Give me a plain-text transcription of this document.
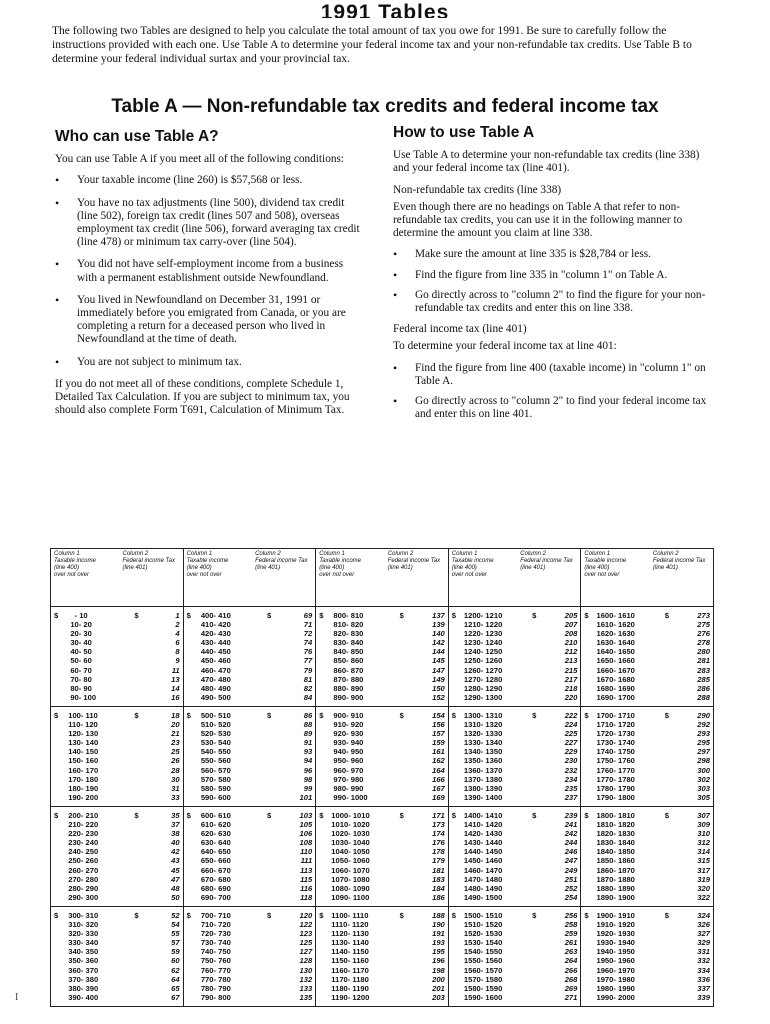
1991 Tables
The following two Tables are designed to help you calculate the total amount of tax you owe for 1991. Be sure to carefully follow the instructions provided with each one. Use Table A to determine your federal income tax and your non-refundable tax credits. Use Table B to determine your federal individual surtax and your provincial tax.
Table A — Non-refundable tax credits and federal income tax
Who can use Table A?

You can use Table A if you meet all of the following conditions:

• Your taxable income (line 260) is $57,568 or less.
• You have no tax adjustments (line 500), dividend tax credit (line 502), foreign tax credit (lines 507 and 508), overseas employment tax credit (line 506), forward averaging tax credit (line 478) or minimum tax carry-over (line 504).
• You did not have self-employment income from a business with a permanent establishment outside Newfoundland.
• You lived in Newfoundland on December 31, 1991 or immediately before you emigrated from Canada, or you are completing a return for a deceased person who lived in Newfoundland at the time of death.
• You are not subject to minimum tax.

If you do not meet all of these conditions, complete Schedule 1, Detailed Tax Calculation. If you are subject to minimum tax, you should also complete Form T691, Calculation of Minimum Tax.

How to use Table A

Use Table A to determine your non-refundable tax credits (line 338) and your federal income tax (line 401).

Non-refundable tax credits (line 338)

Even though there are no headings on Table A that refer to non-refundable tax credits, you can use it in the following manner to determine the amount you claim at line 338.

• Make sure the amount at line 335 is $28,784 or less.
• Find the figure from line 335 in "column 1" on Table A.
• Go directly across to "column 2" to find the figure for your non-refundable tax credits and enter this on line 338.

Federal income tax (line 401)

To determine your federal income tax at line 401:

• Find the figure from line 400 (taxable income) in "column 1" on Table A.
• Go directly across to "column 2" to find your federal income tax and enter this on line 401.
Column 1
Taxable income
(line 400)
over not over
Column 2
Federal income Tax
(line 401)
$ - 10	$	1
10- 20	2
20- 30	4
30- 40	6
40- 50	8
50- 60	9
60- 70	11
70- 80	13
80- 90	14
90- 100	16
$ 100- 110	$	18
110- 120	20
120- 130	21
130- 140	23
140- 150	25
150- 160	26
160- 170	28
170- 180	30
180- 190	31
190- 200	33
$ 200- 210	$	35
210- 220	37
220- 230	38
230- 240	40
240- 250	42
250- 260	43
260- 270	45
270- 280	47
280- 290	48
290- 300	50
$ 300- 310	$	52
310- 320	54
320- 330	55
330- 340	57
340- 350	59
350- 360	60
360- 370	62
370- 380	64
380- 390	65
390- 400	67
Column 1
Taxable income
(line 400)
over not over
Column 2
Federal income Tax
(line 401)
$ 400- 410	$	69
410- 420	71
420- 430	72
430- 440	74
440- 450	76
450- 460	77
460- 470	79
470- 480	81
480- 490	82
490- 500	84
$ 500- 510	$	86
510- 520	88
520- 530	89
530- 540	91
540- 550	93
550- 560	94
560- 570	96
570- 580	98
580- 590	99
590- 600	101
$ 600- 610	$	103
610- 620	105
620- 630	106
630- 640	108
640- 650	110
650- 660	111
660- 670	113
670- 680	115
680- 690	116
690- 700	118
$ 700- 710	$	120
710- 720	122
720- 730	123
730- 740	125
740- 750	127
750- 760	128
760- 770	130
770- 780	132
780- 790	133
790- 800	135
Column 1
Taxable income
(line 400)
over not over
Column 2
Federal income Tax
(line 401)
$ 800- 810	$	137
810- 820	139
820- 830	140
830- 840	142
840- 850	144
850- 860	145
860- 870	147
870- 880	149
880- 890	150
890- 900	152
$ 900- 910	$	154
910- 920	156
920- 930	157
930- 940	159
940- 950	161
950- 960	162
960- 970	164
970- 980	166
980- 990	167
990- 1000	169
$ 1000- 1010	$	171
1010- 1020	173
1020- 1030	174
1030- 1040	176
1040- 1050	178
1050- 1060	179
1060- 1070	181
1070- 1080	183
1080- 1090	184
1090- 1100	186
$ 1100- 1110	$	188
1110- 1120	190
1120- 1130	191
1130- 1140	193
1140- 1150	195
1150- 1160	196
1160- 1170	198
1170- 1180	200
1180- 1190	201
1190- 1200	203
Column 1
Taxable income
(line 400)
over not over
Column 2
Federal income Tax
(line 401)
$ 1200- 1210	$	205
1210- 1220	207
1220- 1230	208
1230- 1240	210
1240- 1250	212
1250- 1260	213
1260- 1270	215
1270- 1280	217
1280- 1290	218
1290- 1300	220
$ 1300- 1310	$	222
1310- 1320	224
1320- 1330	225
1330- 1340	227
1340- 1350	229
1350- 1360	230
1360- 1370	232
1370- 1380	234
1380- 1390	235
1390- 1400	237
$ 1400- 1410	$	239
1410- 1420	241
1420- 1430	242
1430- 1440	244
1440- 1450	246
1450- 1460	247
1460- 1470	249
1470- 1480	251
1480- 1490	252
1490- 1500	254
$ 1500- 1510	$	256
1510- 1520	258
1520- 1530	259
1530- 1540	261
1540- 1550	263
1550- 1560	264
1560- 1570	266
1570- 1580	268
1580- 1590	269
1590- 1600	271
Column 1
Taxable income
(line 400)
over not over
Column 2
Federal income Tax
(line 401)
$ 1600- 1610	$	273
1610- 1620	275
1620- 1630	276
1630- 1640	278
1640- 1650	280
1650- 1660	281
1660- 1670	283
1670- 1680	285
1680- 1690	286
1690- 1700	288
$ 1700- 1710	$	290
1710- 1720	292
1720- 1730	293
1730- 1740	295
1740- 1750	297
1750- 1760	298
1760- 1770	300
1770- 1780	302
1780- 1790	303
1790- 1800	305
$ 1800- 1810	$	307
1810- 1820	309
1820- 1830	310
1830- 1840	312
1840- 1850	314
1850- 1860	315
1860- 1870	317
1870- 1880	319
1880- 1890	320
1890- 1900	322
$ 1900- 1910	$	324
1910- 1920	326
1920- 1930	327
1930- 1940	329
1940- 1950	331
1950- 1960	332
1960- 1970	334
1970- 1980	336
1980- 1990	337
1990- 2000	339
I
